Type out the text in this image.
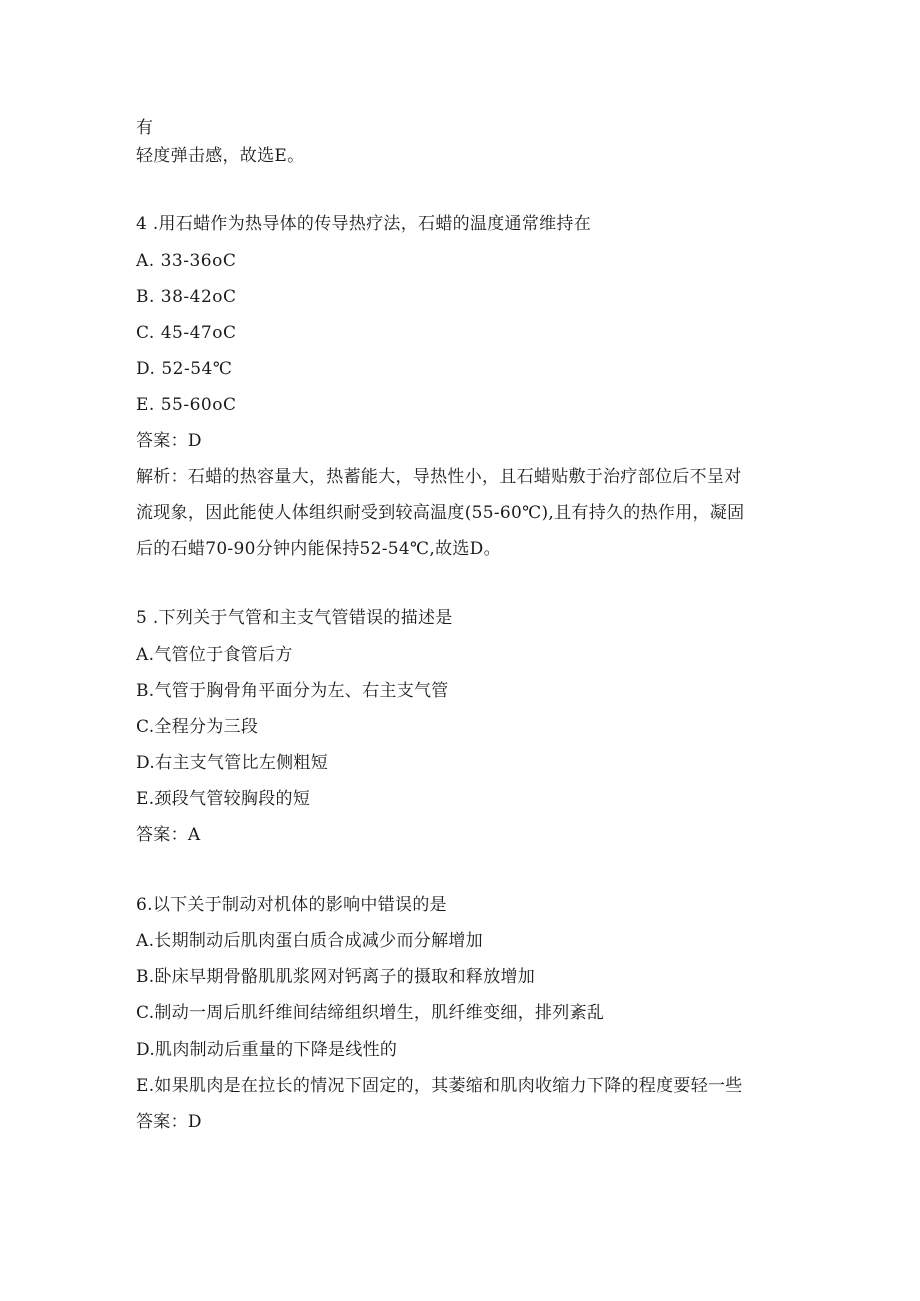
有
轻度弹击感，故选E。
4 .用石蜡作为热导体的传导热疗法，石蜡的温度通常维持在
A. 33-36oC
B. 38-42oC
C. 45-47oC
D. 52-54℃
E. 55-60oC
答案：D
解析：石蜡的热容量大，热蓄能大，导热性小，且石蜡贴敷于治疗部位后不呈对
流现象，因此能使人体组织耐受到较高温度(55-60℃),且有持久的热作用，凝固
后的石蜡70-90分钟内能保持52-54℃,故选D。
5 .下列关于气管和主支气管错误的描述是
A.气管位于食管后方
B.气管于胸骨角平面分为左、右主支气管
C.全程分为三段
D.右主支气管比左侧粗短
E.颈段气管较胸段的短
答案：A
6.以下关于制动对机体的影响中错误的是
A.长期制动后肌肉蛋白质合成减少而分解增加
B.卧床早期骨骼肌肌浆网对钙离子的摄取和释放增加
C.制动一周后肌纤维间结缔组织增生，肌纤维变细，排列紊乱
D.肌肉制动后重量的下降是线性的
E.如果肌肉是在拉长的情况下固定的，其萎缩和肌肉收缩力下降的程度要轻一些
答案：D
